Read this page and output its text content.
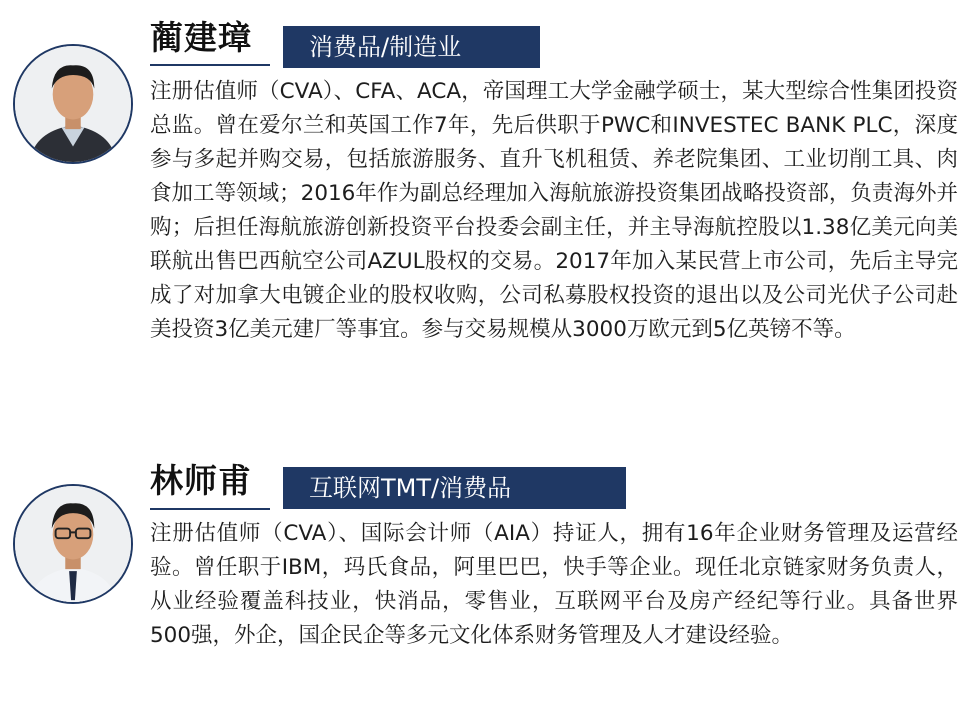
蔺建璋	消费品/制造业

注册估值师（CVA）、CFA、ACA，帝国理工大学金融学硕士，某大型综合性集团投资总监。曾在爱尔兰和英国工作7年，先后供职于PWC和INVESTEC BANK PLC，深度参与多起并购交易，包括旅游服务、直升飞机租赁、养老院集团、工业切削工具、肉食加工等领域；2016年作为副总经理加入海航旅游投资集团战略投资部，负责海外并购；后担任海航旅游创新投资平台投委会副主任，并主导海航控股以1.38亿美元向美联航出售巴西航空公司AZUL股权的交易。2017年加入某民营上市公司，先后主导完成了对加拿大电镀企业的股权收购，公司私募股权投资的退出以及公司光伏子公司赴美投资3亿美元建厂等事宜。参与交易规模从3000万欧元到5亿英镑不等。

林师甫	互联网TMT/消费品

注册估值师（CVA）、国际会计师（AIA）持证人，拥有16年企业财务管理及运营经验。曾任职于IBM，玛氏食品，阿里巴巴，快手等企业。现任北京链家财务负责人，从业经验覆盖科技业，快消品，零售业，互联网平台及房产经纪等行业。具备世界500强，外企，国企民企等多元文化体系财务管理及人才建设经验。
